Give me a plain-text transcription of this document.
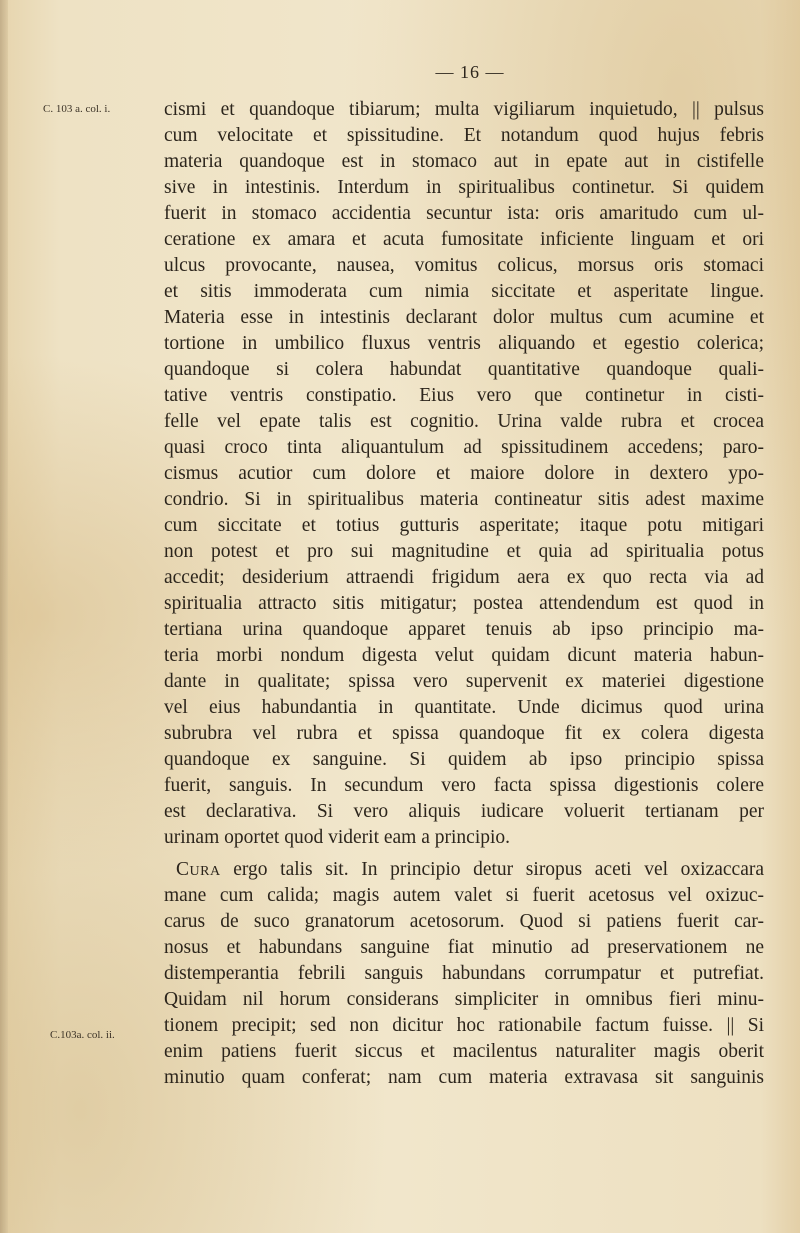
— 16 —
C. 103 a. col. i.
C.103a. col. ii.
cismi et quandoque tibiarum; multa vigiliarum inquietudo, || pulsus
cum velocitate et spissitudine. Et notandum quod hujus febris
materia quandoque est in stomaco aut in epate aut in cistifelle
sive in intestinis. Interdum in spiritualibus continetur. Si quidem
fuerit in stomaco accidentia secuntur ista: oris amaritudo cum ul-
ceratione ex amara et acuta fumositate inficiente linguam et ori
ulcus provocante, nausea, vomitus colicus, morsus oris stomaci
et sitis immoderata cum nimia siccitate et asperitate lingue.
Materia esse in intestinis declarant dolor multus cum acumine et
tortione in umbilico fluxus ventris aliquando et egestio colerica;
quandoque si colera habundat quantitative quandoque quali-
tative ventris constipatio. Eius vero que continetur in cisti-
felle vel epate talis est cognitio. Urina valde rubra et crocea
quasi croco tinta aliquantulum ad spissitudinem accedens; paro-
cismus acutior cum dolore et maiore dolore in dextero ypo-
condrio. Si in spiritualibus materia contineatur sitis adest maxime
cum siccitate et totius gutturis asperitate; itaque potu mitigari
non potest et pro sui magnitudine et quia ad spiritualia potus
accedit; desiderium attraendi frigidum aera ex quo recta via ad
spiritualia attracto sitis mitigatur; postea attendendum est quod in
tertiana urina quandoque apparet tenuis ab ipso principio ma-
teria morbi nondum digesta velut quidam dicunt materia habun-
dante in qualitate; spissa vero supervenit ex materiei digestione
vel eius habundantia in quantitate. Unde dicimus quod urina
subrubra vel rubra et spissa quandoque fit ex colera digesta
quandoque ex sanguine. Si quidem ab ipso principio spissa
fuerit, sanguis. In secundum vero facta spissa digestionis colere
est declarativa. Si vero aliquis iudicare voluerit tertianam per
urinam oportet quod viderit eam a principio.
Cura ergo talis sit. In principio detur siropus aceti vel oxizaccara
mane cum calida; magis autem valet si fuerit acetosus vel oxizuc-
carus de suco granatorum acetosorum. Quod si patiens fuerit car-
nosus et habundans sanguine fiat minutio ad preservationem ne
distemperantia febrili sanguis habundans corrumpatur et putrefiat.
Quidam nil horum considerans simpliciter in omnibus fieri minu-
tionem precipit; sed non dicitur hoc rationabile factum fuisse. || Si
enim patiens fuerit siccus et macilentus naturaliter magis oberit
minutio quam conferat; nam cum materia extravasa sit sanguinis
